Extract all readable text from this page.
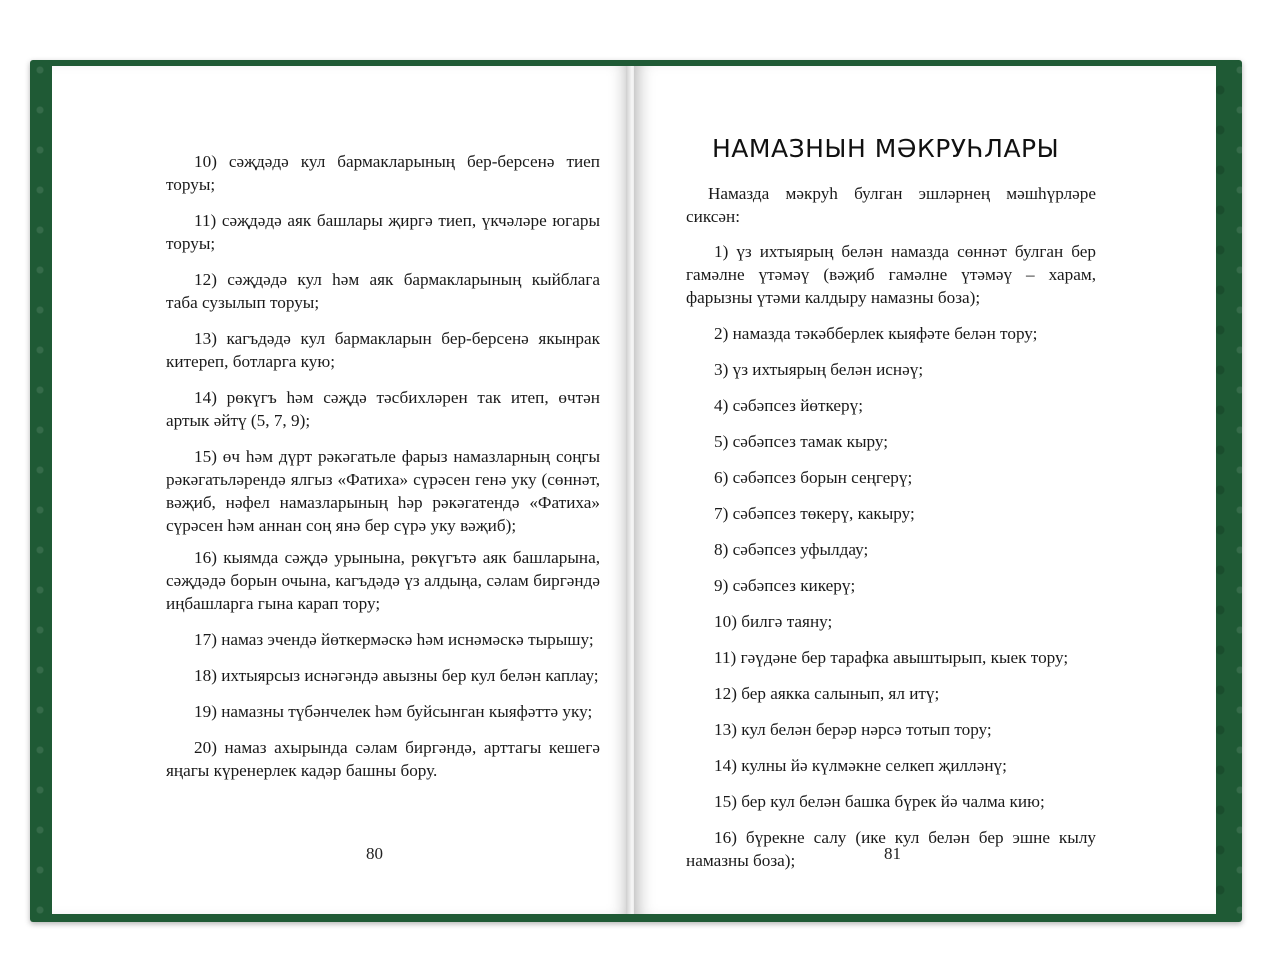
10) сәҗдәдә кул бармакларының бер-берсенә тиеп торуы;

11) сәҗдәдә аяк башлары җиргә тиеп, үкчәләре югары торуы;

12) сәҗдәдә кул һәм аяк бармакларының кыйблага таба сузылып торуы;

13) кагъдәдә кул бармакларын бер-берсенә якынрак китереп, ботларга кую;

14) рөкүгъ һәм сәҗдә тәсбихләрен так итеп, өчтән артык әйтү (5, 7, 9);

15) өч һәм дүрт рәкәгатьле фарыз намазларның соңгы рәкәгатьләрендә ялгыз «Фатиха» сүрәсен генә уку (сөннәт, вәҗиб, нәфел намазларының һәр рәкәгатендә «Фатиха» сүрәсен һәм аннан соң янә бер сүрә уку вәҗиб);

16) кыямда сәҗдә урынына, рөкүгътә аяк башларына, сәҗдәдә борын очына, кагъдәдә үз алдыңа, сәлам биргәндә иңбашларга гына карап тору;

17) намаз эчендә йөткермәскә һәм иснәмәскә тырышу;

18) ихтыярсыз иснәгәндә авызны бер кул белән каплау;

19) намазны түбәнчелек һәм буйсынган кыяфәттә уку;

20) намаз ахырында сәлам биргәндә, арттагы кешегә яңагы күренерлек кадәр башны бору.

80
НАМАЗНЫН МӘКРУҺЛАРЫ

Намазда мәкруһ булган эшләрнең мәшһүрләре сиксән:

1) үз ихтыярың белән намазда сөннәт булган бер гамәлне үтәмәү (вәҗиб гамәлне үтәмәү – харам, фарызны үтәми калдыру намазны боза);

2) намазда тәкәбберлек кыяфәте белән тору;

3) үз ихтыярың белән иснәү;

4) сәбәпсез йөткерү;

5) сәбәпсез тамак кыру;

6) сәбәпсез борын сеңгерү;

7) сәбәпсез төкерү, какыру;

8) сәбәпсез уфылдау;

9) сәбәпсез кикерү;

10) билгә таяну;

11) гәүдәне бер тарафка авыштырып, кыек тору;

12) бер аякка салынып, ял итү;

13) кул белән берәр нәрсә тотып тору;

14) кулны йә күлмәкне селкеп җилләнү;

15) бер кул белән башка бүрек йә чалма кию;

16) бүрекне салу (ике кул белән бер эшне кылу намазны боза);	81
